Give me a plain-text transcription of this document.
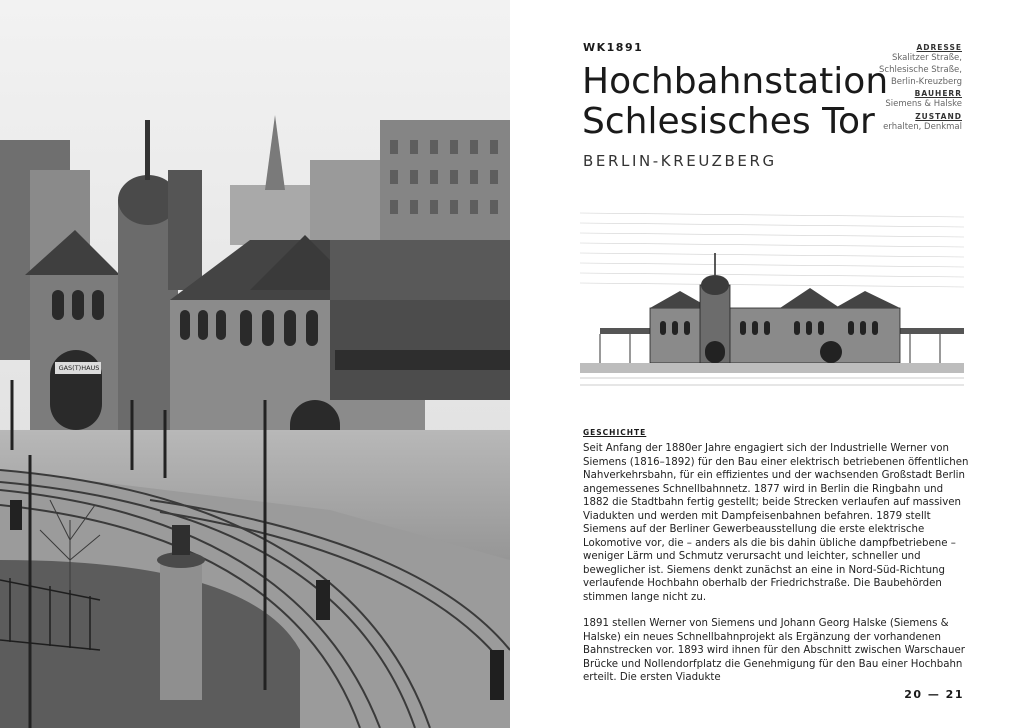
GAS(T)HAUS
WK1891
Hochbahnstation
Schlesisches Tor
BERLIN-KREUZBERG
ADRESSE
Skalitzer Straße,
Schlesische Straße,
Berlin-Kreuzberg
BAUHERR
Siemens & Halske
ZUSTAND
erhalten, Denkmal
GESCHICHTE

Seit Anfang der 1880er Jahre engagiert sich der Industrielle Werner von Siemens (1816–1892) für den Bau einer elektrisch betriebenen öffentlichen Nahverkehrsbahn, für ein effizientes und der wachsenden Großstadt Berlin angemessenes Schnellbahnnetz. 1877 wird in Berlin die Ringbahn und 1882 die Stadtbahn fertig gestellt; beide Strecken verlaufen auf massiven Viadukten und werden mit Dampfeisenbahnen befahren. 1879 stellt Siemens auf der Berliner Gewerbeausstellung die erste elektrische Lokomotive vor, die – anders als die bis dahin übliche dampfbetriebene – weniger Lärm und Schmutz verursacht und leichter, schneller und beweglicher ist. Siemens denkt zunächst an eine in Nord-Süd-Richtung verlaufende Hochbahn oberhalb der Friedrichstraße. Die Baubehörden stimmen lange nicht zu.

1891 stellen Werner von Siemens und Johann Georg Halske (Siemens & Halske) ein neues Schnellbahnprojekt als Ergänzung der vorhandenen Bahnstrecken vor. 1893 wird ihnen für den Abschnitt zwischen Warschauer Brücke und Nollendorfplatz die Genehmigung für den Bau einer Hochbahn erteilt. Die ersten Viadukte

20 — 21
